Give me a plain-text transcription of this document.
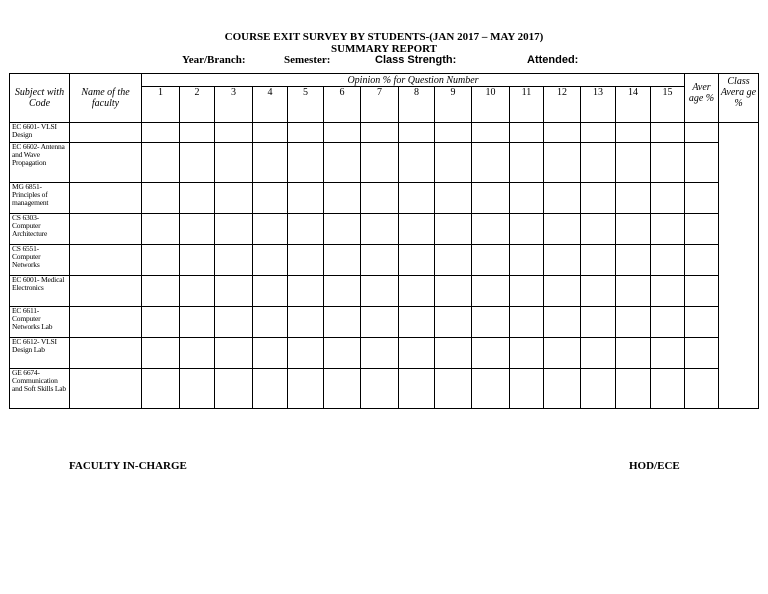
COURSE EXIT SURVEY BY STUDENTS-(JAN 2017 – MAY 2017)
SUMMARY REPORT
Year/Branch:	Semester:	Class Strength:	Attended:
Subject with Code	Name of the faculty	Opinion % for Question Number															Aver age %	Class Avera ge %
		1	2	3	4	5	6	7	8	9	10	11	12	13	14	15		
EC 6601- VLSI Design																		
EC 6602- Antenna and Wave Propagation																		
MG 6851- Principles of management																		
CS 6303- Computer Architecture																		
CS 6551- Computer Networks																		
EC 6001- Medical Electronics																		
EC 6611- Computer Networks Lab																		
EC 6612- VLSI Design Lab																		
GE 6674- Communication and Soft Skills Lab																		
FACULTY IN-CHARGE	HOD/ECE
